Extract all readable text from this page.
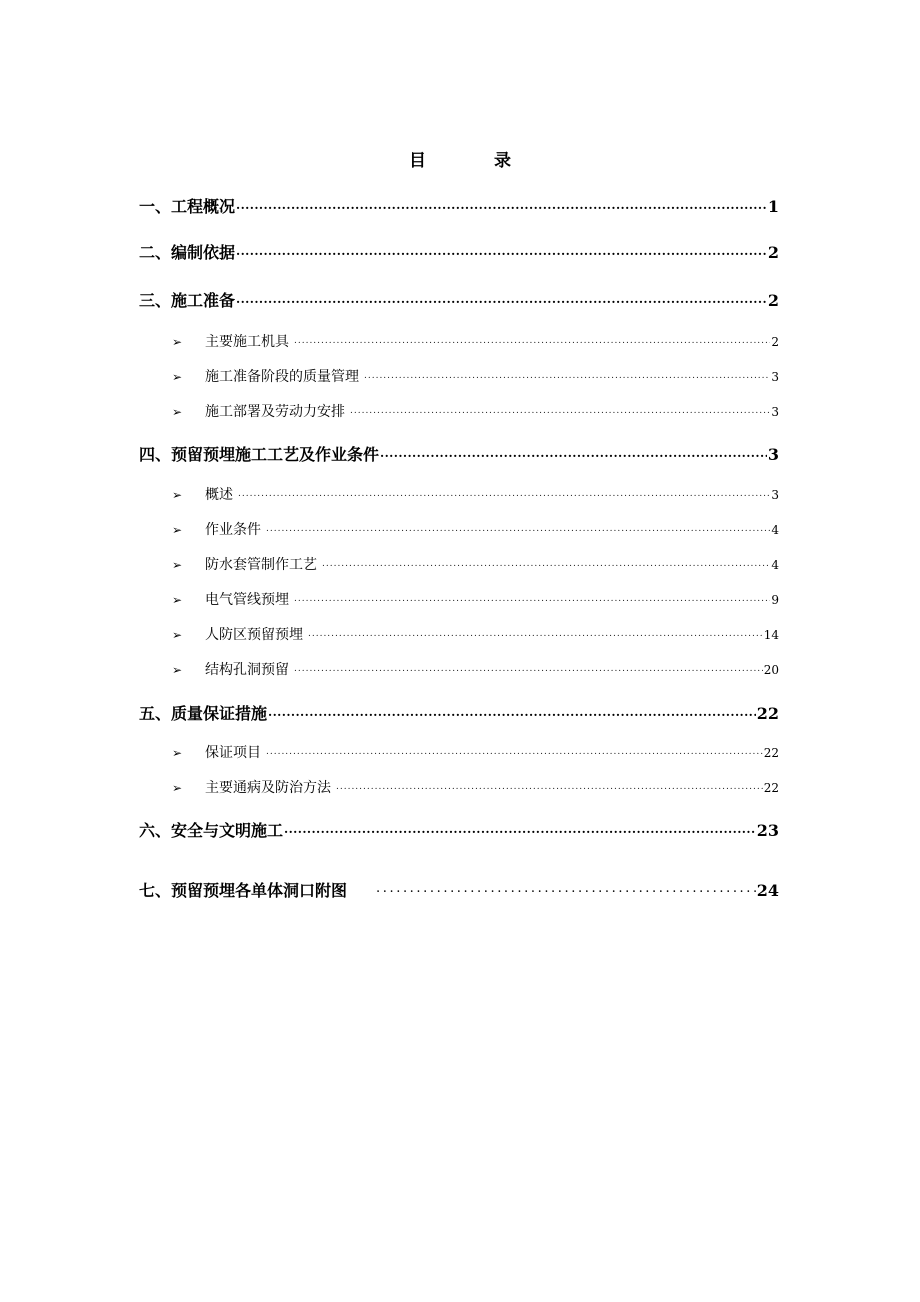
目录
一、工程概况 .....	1
二、编制依据 .....	2
三、施工准备 .....	2
➢	主要施工机具 .....	2
➢	施工准备阶段的质量管理 .....	3
➢	施工部署及劳动力安排 .....	3
四、预留预埋施工工艺及作业条件 .....	3
➢	概述 .....	3
➢	作业条件 .....	4
➢	防水套管制作工艺 .....	4
➢	电气管线预埋 .....	9
➢	人防区预留预埋 .....	14
➢	结构孔洞预留 .....	20
五、质量保证措施 .....	22
➢	保证项目 .....	22
➢	主要通病及防治方法 .....	22
六、安全与文明施工 .....	23
七、预留预埋各单体洞口附图 .....	24
